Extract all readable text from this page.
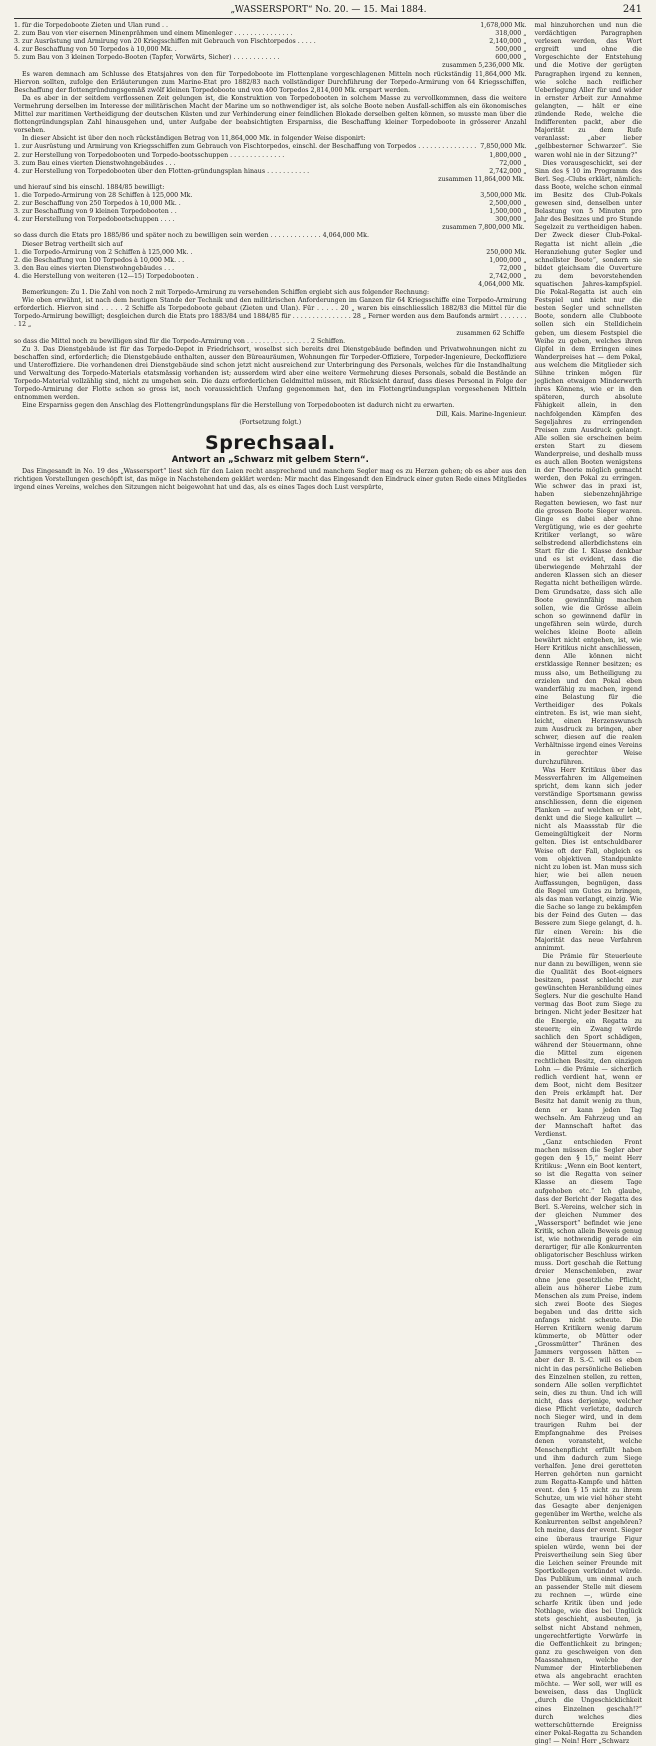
„WASSERSPORT“ No. 20. — 15. Mai 1884.	241
1. für die Torpedoboote Zieten und Ulan rund . .	1,678,000 Mk.
2. zum Bau von vier eisernen Minenprähmen und einem Minenleger . . . . . . . . . . . . . . .	318,000 „
3. zur Ausrüstung und Armirung von 20 Kriegsschiffen mit Gebrauch von Fischtorpedos . . . . .	2,140,000 „
4. zur Beschaffung von 50 Torpedos à 10,000 Mk. .	500,000 „
5. zum Bau von 3 kleinen Torpedo-Booten (Tapfer, Vorwärts, Sicher) . . . . . . . . . . . .	600,000 „
zusammen 5,236,000 Mk.

Es waren demnach am Schlusse des Etatsjahres von den für Torpedoboote im Flottenplane vorgeschlagenen Mitteln noch rückständig 11,864,000 Mk. Hiervon sollten, zufolge den Erläuterungen zum Marine-Etat pro 1882/83 nach vollständiger Durchführung der Torpedo-Armirung von 64 Kriegsschiffen, Beschaffung der flottengründungsgemäß zwölf kleinen Torpedoboote und von 400 Torpedos 2,814,000 Mk. erspart werden.

Da es aber in der seitdem verflossenen Zeit gelungen ist, die Konstruktion von Torpedobooten in solchem Masse zu vervollkommnen, dass die weitere Vermehrung derselben im Interesse der militärischen Macht der Marine um so nothwendiger ist, als solche Boote neben Ausfall-schiffen als ein ökonomisches Mittel zur maritimen Vertheidigung der deutschen Küsten und zur Verhinderung einer feindlichen Blokade derselben gelten können, so musste man über die flottengründungsplan Zahl hinausgehen und, unter Aufgabe der beabsichtigten Ersparniss, die Beschaffung kleiner Torpedoboote in grösserer Anzahl vorsehen.

In dieser Absicht ist über den noch rückständigen Betrag von 11,864,000 Mk. in folgender Weise disponirt:

1. zur Ausrüstung und Armirung von Kriegsschiffen zum Gebrauch von Fischtorpedos, einschl. der Beschaffung von Torpedos . . . . . . . . . . . . . . . 7,850,000 Mk.
2. zur Herstellung von Torpedobooten und Torpedo-bootsschuppen . . . . . . . . . . . . . .	1,800,000 „
3. zum Bau eines vierten Dienstwohngebäudes . . .	72,000 „
4. zur Herstellung von Torpedobooten über den Flotten-gründungsplan hinaus . . . . . . . . . . .	2,742,000 „
zusammen 11,864,000 Mk.

und hierauf sind bis einschl. 1884/85 bewilligt:

1. die Torpedo-Armirung von 28 Schiffen à 125,000 Mk.	3,500,000 Mk.
2. zur Beschaffung von 250 Torpedos à 10,000 Mk. .	2,500,000 „
3. zur Beschaffung von 9 kleinen Torpedobooten . .	1,500,000 „
4. zur Herstellung von Torpedobootschuppen . . . .	300,000 „
zusammen 7,800,000 Mk.

so dass durch die Etats pro 1885/86 und später noch zu bewilligen sein werden . . . . . . . . . . . . . 4,064,000 Mk.

Dieser Betrag vertheilt sich auf

1. die Torpedo-Armirung von 2 Schiffen à 125,000 Mk. .	250,000 Mk.
2. die Beschaffung von 100 Torpedos à 10,000 Mk. . .	1,000,000 „
3. den Bau eines vierten Dienstwohngebäudes . . .	72,000 „
4. die Herstellung von weiteren (12—15) Torpedobooten .	2,742,000 „
4,064,000 Mk.

Bemerkungen: Zu 1. Die Zahl von noch 2 mit Torpedo-Armirung zu versehenden Schiffen ergiebt sich aus folgender Rechnung:

Wie oben erwähnt, ist nach dem heutigen Stande der Technik und den militärischen Anforderungen im Ganzen für 64 Kriegsschiffe eine Torpedo-Armirung erforderlich. Hiervon sind . . . . . 2 Schiffe als Torpedoboote gebaut (Zieten und Ulan). Für . . . . . 20 „ waren bis einschliesslich 1882/83 die Mittel für die Torpedo-Armirung bewilligt; desgleichen durch die Etats pro 1883/84 und 1884/85 für . . . . . . . . . . . . . . . 28 „ Ferner werden aus dem Baufonds armirt . . . . . . . . 12 „

zusammen 62 Schiffe

so dass die Mittel noch zu bewilligen sind für die Torpedo-Armirung von . . . . . . . . . . . . . . . . 2 Schiffen.

Zu 3. Das Dienstgebäude ist für das Torpedo-Depot in Friedrichsort, woselbst sich bereits drei Dienstgebäude befinden und Privatwohnungen nicht zu beschaffen sind, erforderlich; die Dienstgebäude enthalten, ausser den Büreauräumen, Wohnungen für Torpeder-Offiziere, Torpeder-Ingenieure, Deckoffiziere und Unteroffiziere. Die vorhandenen drei Dienstgebäude sind schon jetzt nicht ausreichend zur Unterbringung des Personals, welches für die Instandhaltung und Verwaltung des Torpedo-Materials etatsmässig vorhanden ist; ausserdem wird aber eine weitere Vermehrung dieses Personals, sobald die Bestände an Torpedo-Material vollzählig sind, nicht zu umgehen sein. Die dazu erforderlichen Geldmittel müssen, mit Rücksicht darauf, dass dieses Personal in Folge der Torpedo-Armirung der Flotte schon so gross ist, noch voraussichtlich Umfang gegenommen hat, den im Flottengründungsplan vorgesehenen Mitteln entnommen werden.

Eine Ersparniss gegen den Anschlag des Flottengründungsplans für die Herstellung von Torpedobooten ist dadurch nicht zu erwarten.

Dill, Kais. Marine-Ingenieur.
(Fortsetzung folgt.)
Sprechsaal.
Antwort an „Schwarz mit gelbem Stern“.

Das Eingesandt in No. 19 des „Wassersport“ liest sich für den Laien recht ansprechend und manchem Segler mag es zu Herzen gehen; ob es aber aus den richtigen Vorstellungen geschöpft ist, das möge in Nachstehendem geklärt werden: Mir macht das Eingesandt den Eindruck einer guten Rede eines Mitgliedes irgend eines Vereins, welches den Sitzungen nicht beigewohnt hat und das, als es eines Tages doch Lust verspürte,

mal hinzuhorchen und nun die verdächtigen Paragraphen verlesen werden, das Wort ergreift und ohne die Vorgeschichte der Entstehung und die Motive der gerügten Paragraphen irgend zu kennen, wie solche nach reiflicher Ueberlegung Aller für und wider in ernster Arbeit zur Annahme gelangten, — hält er eine zündende Rede, welche die Indifferenten packt, aber die Majorität zu dem Rufe veranlasst: „aber lieber „gelbbesterner Schwarzer“. Sie waren wohl nie in der Sitzung?“

Dies vorausgeschickt, sei der Sinn des § 10 im Programm des Berl. Seg.-Clubs erklärt, nämlich: dass Boote, welche schon einmal im Besitz des Club-Pokals gewesen sind, denselben unter Belastung von 5 Minuten pro Jahr des Besitzes und pro Stunde Segelzeit zu vertheidigen haben. Der Zweck dieser Club-Pokal-Regatta ist nicht allein „die Heranziehung guter Segler und schnellster Boote“, sondern sie bildet gleichsam die Ouverture zu dem bevorstehenden squatischen Jahres-kampfspiel. Die Pokal-Regatta ist auch ein Festspiel und nicht nur die besten Segler und schnellsten Boote, sondern alle Clubboote sollen sich ein Stelldichein geben, um diesem Festspiel die Weihe zu geben, welches ihren Gipfel in dem Erringen eines Wanderpreises hat — dem Pokal, aus welchem die Mitglieder sich Sühne trinken mögen für jeglichen etwaigen Minderwerth ihres Könnens, wie er in den späteren, durch absolute Fähigkeit allein, in den nachfolgenden Kämpfen des Segeljahres zu erringenden Preisen zum Ausdruck gelangt. Alle sollen sie erscheinen beim ersten Start zu diesem Wanderpreise, und deshalb muss es auch allen Booten wenigstens in der Theorie möglich gemacht werden, den Pokal zu erringen. Wie schwer das in praxi ist, haben siebenzehnjährige Regatten bewiesen, wo fast nur die grossen Boote Sieger waren. Ginge es dabei aber ohne Vergütigung, wie es der geehrte Kritiker verlangt, so wäre selbstredend allerbdichstens ein Start für die I. Klasse denkbar und es ist evident, dass die überwiegende Mehrzahl der anderen Klassen sich an dieser Regatta nicht betheiligen würde. Dem Grundsatze, dass sich alle Boote gewinnfähig machen sollen, wie die Grösse allein schon so gewinnend dafür in ungefähren sein würde, durch welches kleine Boote allein bewährt nicht entgehen, ist, wie Herr Kritikus nicht anschliessen, denn Alle können nicht erstklassige Renner besitzen; es muss also, um Betheiligung zu erzielen und den Pokal eben wanderfähig zu machen, irgend eine Belastung für die Vertheidiger des Pokals eintreten. Es ist, wie man sieht, leicht, einen Herzenswunsch zum Ausdruck zu bringen, aber schwer, diesen auf die realen Verhältnisse irgend eines Vereins in gerechter Weise durchzuführen.

Was Herr Kritikus über das Messverfahren im Allgemeinen spricht, dem kann sich jeder verständige Sportsmann gewiss anschliessen, denn die eigenen Planken — auf welchen er lebt, denkt und die Siege kalkulirt — nicht als Maassstab für die Gemeingültigkeit der Norm gelten. Dies ist entschuldbarer Weise oft der Fall, obgleich es vom objektiven Standpunkte nicht zu loben ist. Man muss sich hier, wie bei allen neuen Auffassungen, begnügen, dass die Regel um Gutes zu bringen, als das man verlangt, einzig. Wie die Sache so lange zu bekämpfen bis der Feind des Guten — das Bessere zum Siege gelangt, d. h. für einen Verein: bis die Majorität das neue Verfahren annimmt.

Die Prämie für Steuerleute nur dann zu bewilligen, wenn sie die Qualität des Boot-eigners besitzen, passt schlecht zur gewünschten Heranbildung eines Seglers. Nur die geschulte Hand vermag das Boot zum Siege zu bringen. Nicht jeder Besitzer hat die Energie, ein Regatta zu steuern; ein Zwang würde sachlich den Sport schädigen, während der Steuermann, ohne die Mittel zum eigenen rechtlichen Besitz, den einzigen Lohn — die Prämie — sicherlich redlich verdient hat, wenn er dem Boot, nicht dem Besitzer den Preis erkämpft hat. Der Besitz hat damit wenig zu thun, denn er kann jeden Tag wechseln. Am Fahrzeug und an der Mannschaft haftet das Verdienst.

„Ganz entschieden Front machen müssen die Segler aber gegen den § 15,“ meint Herr Kritikus: „Wenn ein Boot kentert, so ist die Regatta von seiner Klasse an diesem Tage aufgehoben etc.“ Ich glaube, dass der Bericht der Regatta des Berl. S.-Vereins, welcher sich in der gleichen Nummer des „Wassersport“ befindet wie jene Kritik, schon allein Beweis genug ist, wie nothwendig gerade ein derartiger, für alle Konkurrenten obligatorischer Beschluss wirken muss. Dort geschah die Rettung dreier Menschenleben, zwar ohne jene gesetzliche Pflicht, allein aus höherer Liebe zum Menschen als zum Preise, indem sich zwei Boote des Sieges begaben und das dritte sich anfangs nicht scheute. Die Herren Kritikern wenig darum kümmerte, ob Mütter oder „Grossmütter“ Thränen des Jammers vergossen hätten — aber der B. S.-C. will es eben nicht in das persönliche Belieben des Einzelnen stellen, zu retten, sondern Alle sollen verpflichtet sein, dies zu thun. Und ich will nicht, dass derjenige, welcher diese Pflicht verletzte, dadurch noch Sieger wird, und in dem traurigen Ruhm bei der Empfangnahme des Preises denen voransteht, welche Menschenpflicht erfüllt haben und ihm dadurch zum Siege verhalfen. Jene drei geretteten Herren gehörten nun garnicht zum Regatta-Kampfe und hätten event. den § 15 nicht zu ihrem Schutze, um wie viel höher steht das Gesagte aber denjenigen gegenüber im Werthe, welche als Konkurrenten selbst angehören? Ich meine, dass der event. Sieger eine überaus traurige Figur spielen würde, wenn bei der Preisvertheilung sein Sieg über die Leichen seiner Freunde mit Sportkollegen verkündet würde. Das Publikum, um einmal auch an passender Stelle mit diesem zu rechnen —, würde eine scharfe Kritik üben und jede Nothlage, wie dies bei Unglück stets geschieht, ausbeuten, ja selbst nicht Abstand nehmen, ungerechtfertigte Vorwürfe in die Oeffentlichkeit zu bringen; ganz zu geschweigen von den Maassnahmen, welche der Nummer der Hinterbliebenen etwa als angebracht erachten möchte. — Wer soll, wer will es beweisen, dass das Unglück „durch die Ungeschicklichkeit eines Einzelnen geschah!?“ durch welches dies wetterschütternde Ereigniss einer Pokal-Regatta zu Schanden ging! — Nein! Herr „Schwarz
